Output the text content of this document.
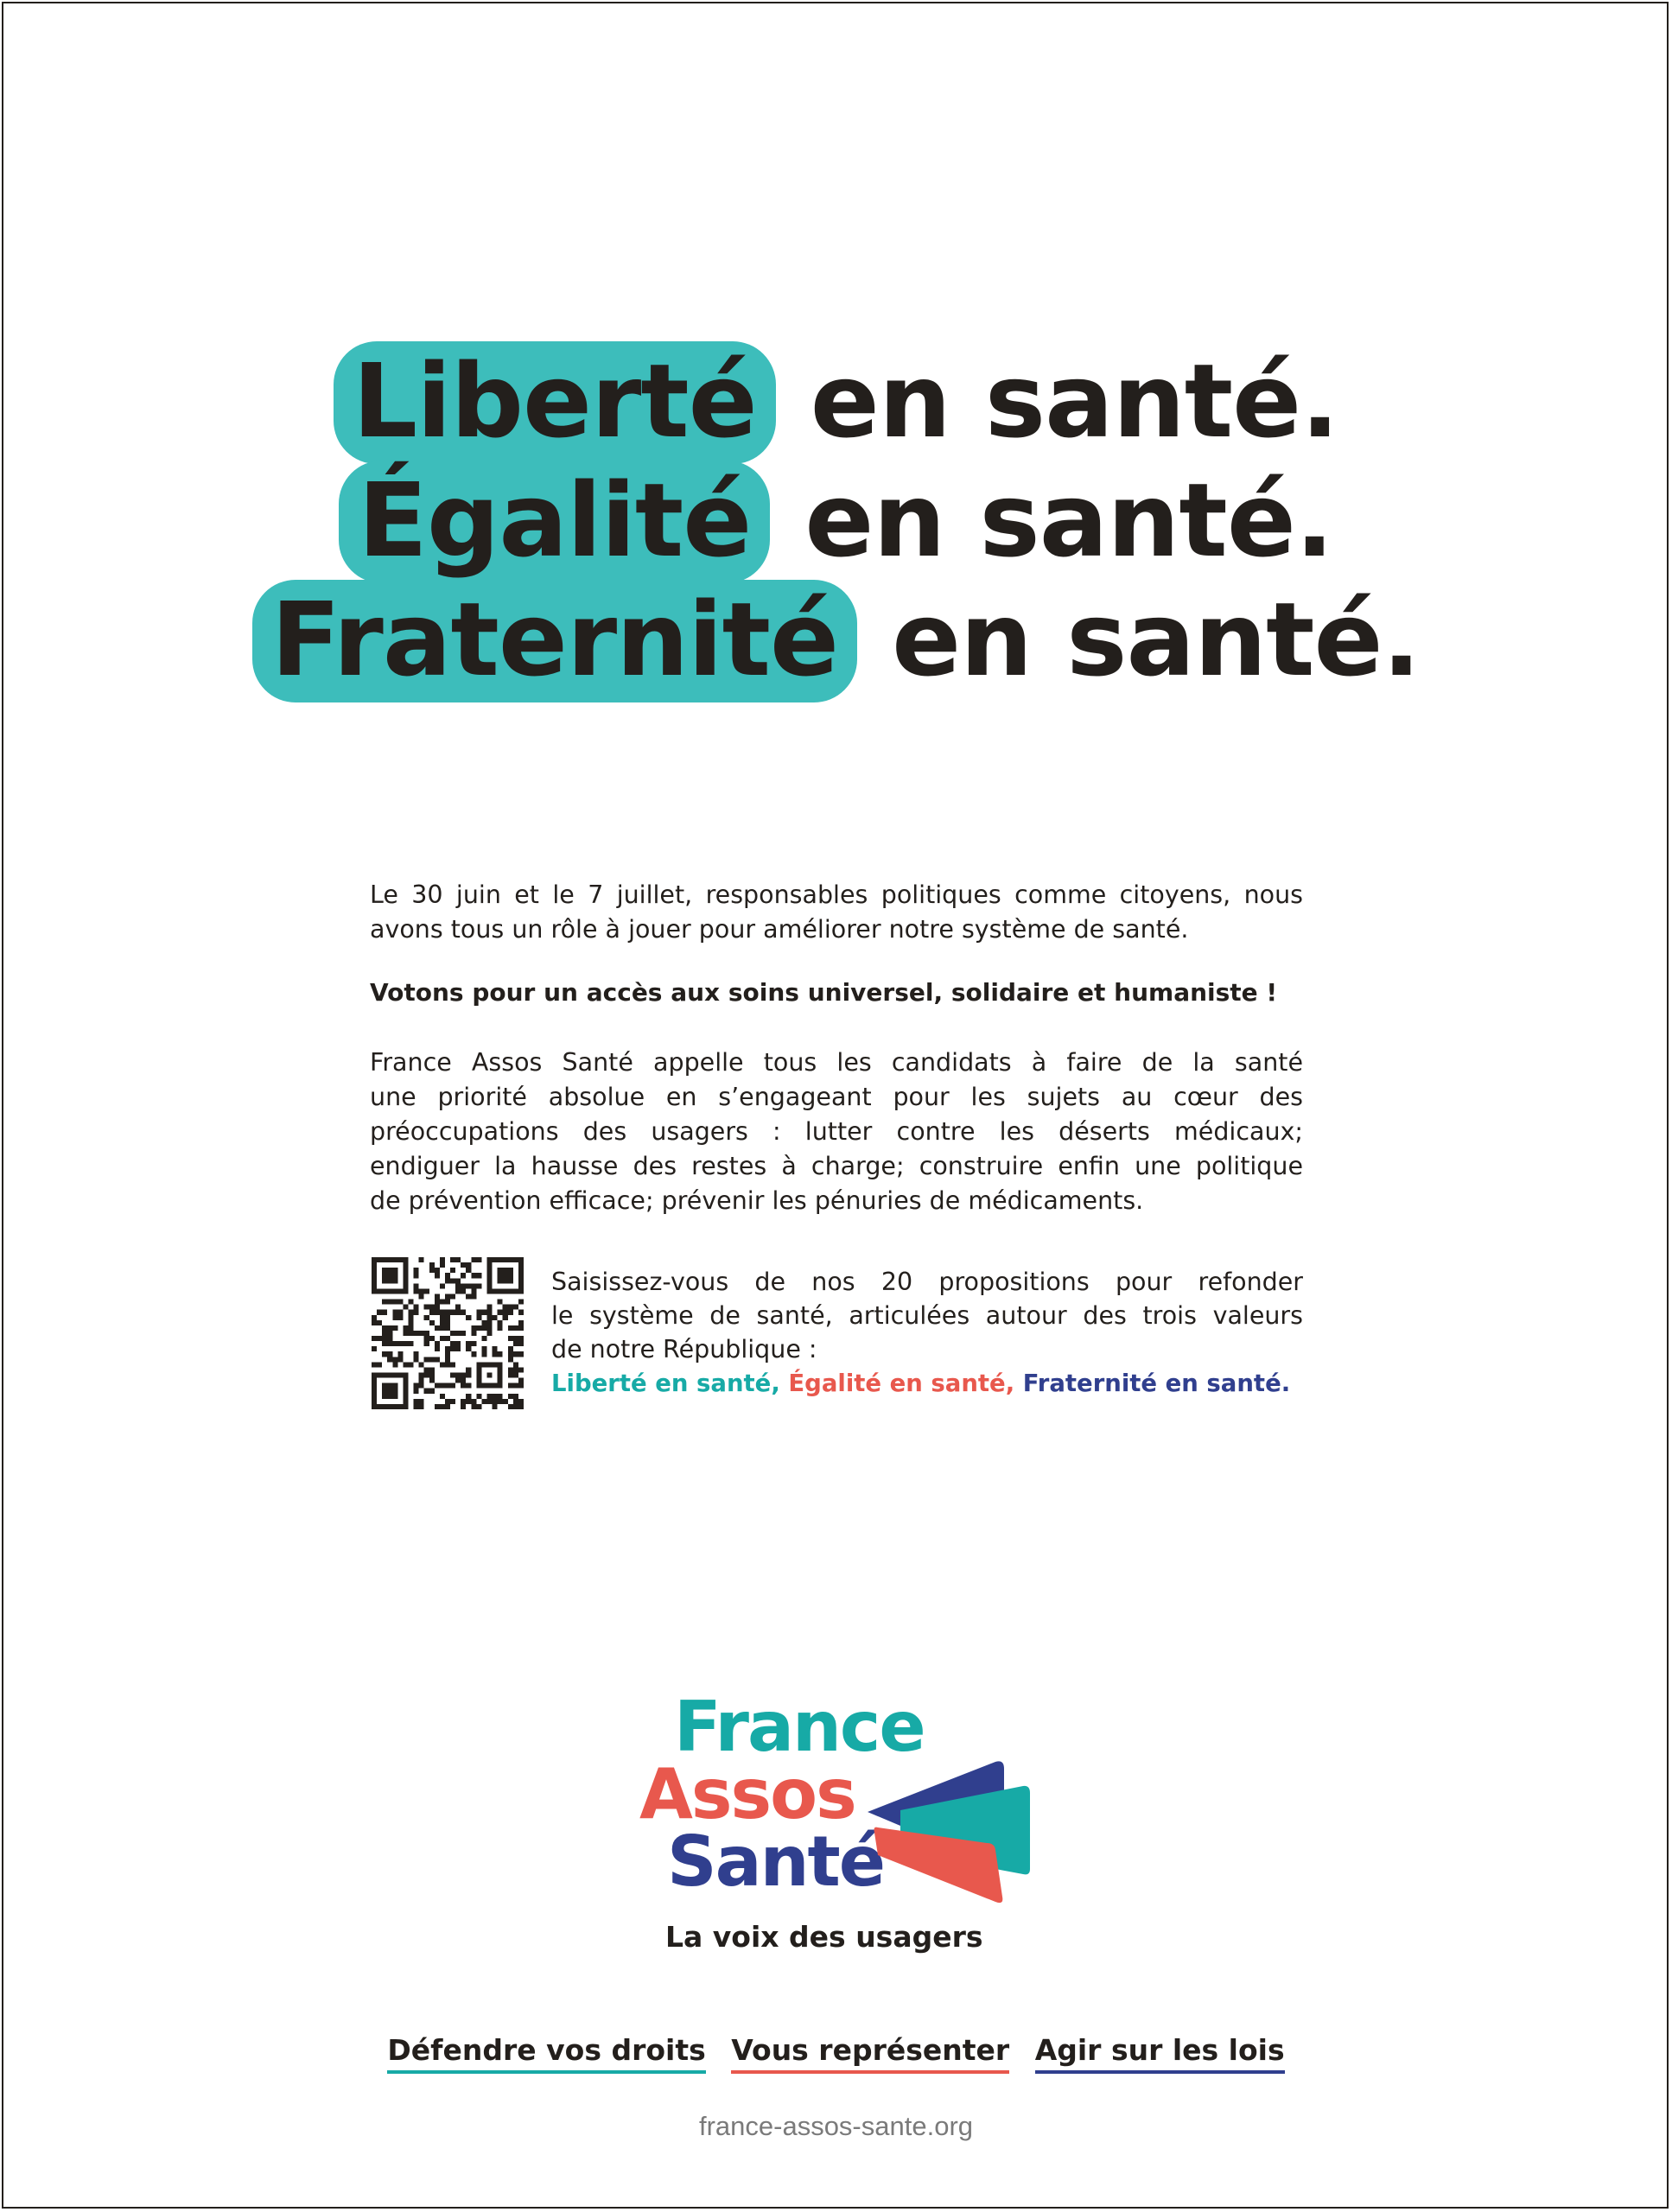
Liberté en santé.
Égalité en santé.
Fraternité en santé.

Le 30 juin et le 7 juillet, responsables politiques comme citoyens, nous avons tous un rôle à jouer pour améliorer notre système de santé.

Votons pour un accès aux soins universel, solidaire et humaniste !
France Assos Santé appelle tous les candidats à faire de la santé
une priorité absolue en s’engageant pour les sujets au cœur des
préoccupations des usagers : lutter contre les déserts médicaux;
endiguer la hausse des restes à charge; construire enfin une politique
de prévention efficace; prévenir les pénuries de médicaments.
Saisissez-vous de nos 20 propositions pour refonder
le système de santé, articulées autour des trois valeurs
de notre République :
Liberté en santé, Égalité en santé, Fraternité en santé.
France
Assos
Santé
La voix des usagers
Défendre vos droits Vous représenter Agir sur les lois
france-assos-sante.org
